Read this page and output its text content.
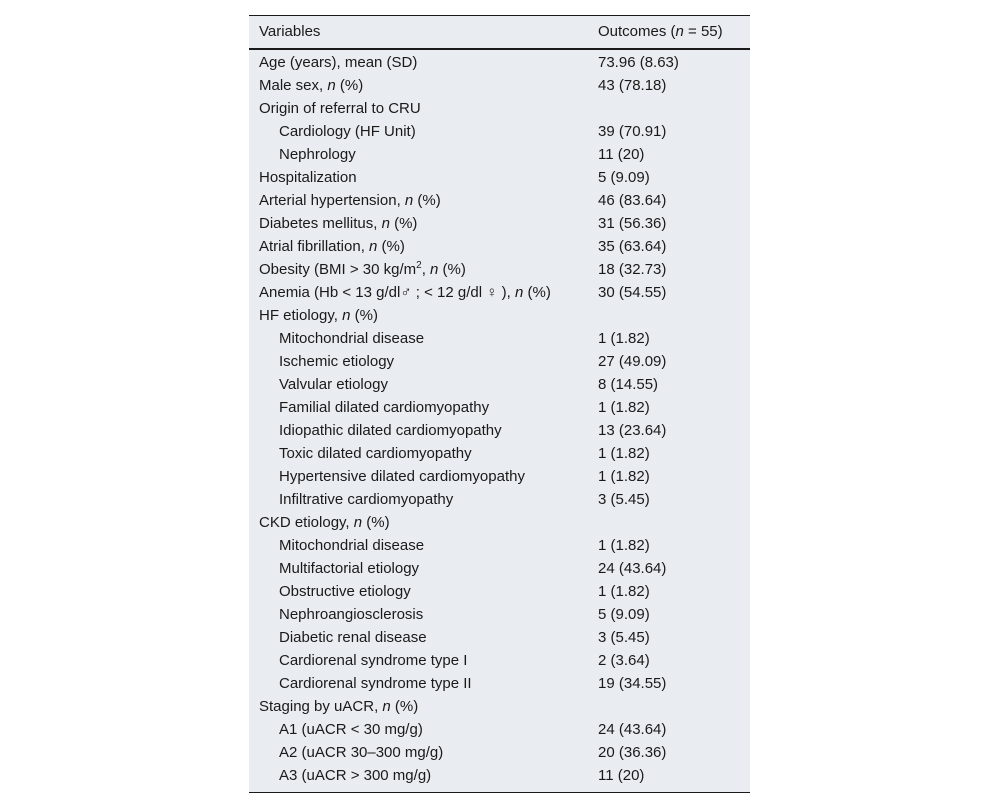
Variables	Outcomes (n = 55)
Age (years), mean (SD)	73.96 (8.63)
Male sex, n (%)	43 (78.18)
Origin of referral to CRU
Cardiology (HF Unit)	39 (70.91)
Nephrology	11 (20)
Hospitalization	5 (9.09)
Arterial hypertension, n (%)	46 (83.64)
Diabetes mellitus, n (%)	31 (56.36)
Atrial fibrillation, n (%)	35 (63.64)
Obesity (BMI > 30 $kg/m^2$, n (%)	18 (32.73)
Anemia (Hb < 13 g/dl♂ ; < 12 g/dl ♀ ), n (%)	30 (54.55)
HF etiology, n (%)
Mitochondrial disease	1 (1.82)
Ischemic etiology	27 (49.09)
Valvular etiology	8 (14.55)
Familial dilated cardiomyopathy	1 (1.82)
Idiopathic dilated cardiomyopathy	13 (23.64)
Toxic dilated cardiomyopathy	1 (1.82)
Hypertensive dilated cardiomyopathy	1 (1.82)
Infiltrative cardiomyopathy	3 (5.45)
CKD etiology, n (%)
Mitochondrial disease	1 (1.82)
Multifactorial etiology	24 (43.64)
Obstructive etiology	1 (1.82)
Nephroangiosclerosis	5 (9.09)
Diabetic renal disease	3 (5.45)
Cardiorenal syndrome type I	2 (3.64)
Cardiorenal syndrome type II	19 (34.55)
Staging by uACR, n (%)
A1 (uACR < 30 mg/g)	24 (43.64)
A2 (uACR 30–300 mg/g)	20 (36.36)
A3 (uACR > 300 mg/g)	11 (20)
